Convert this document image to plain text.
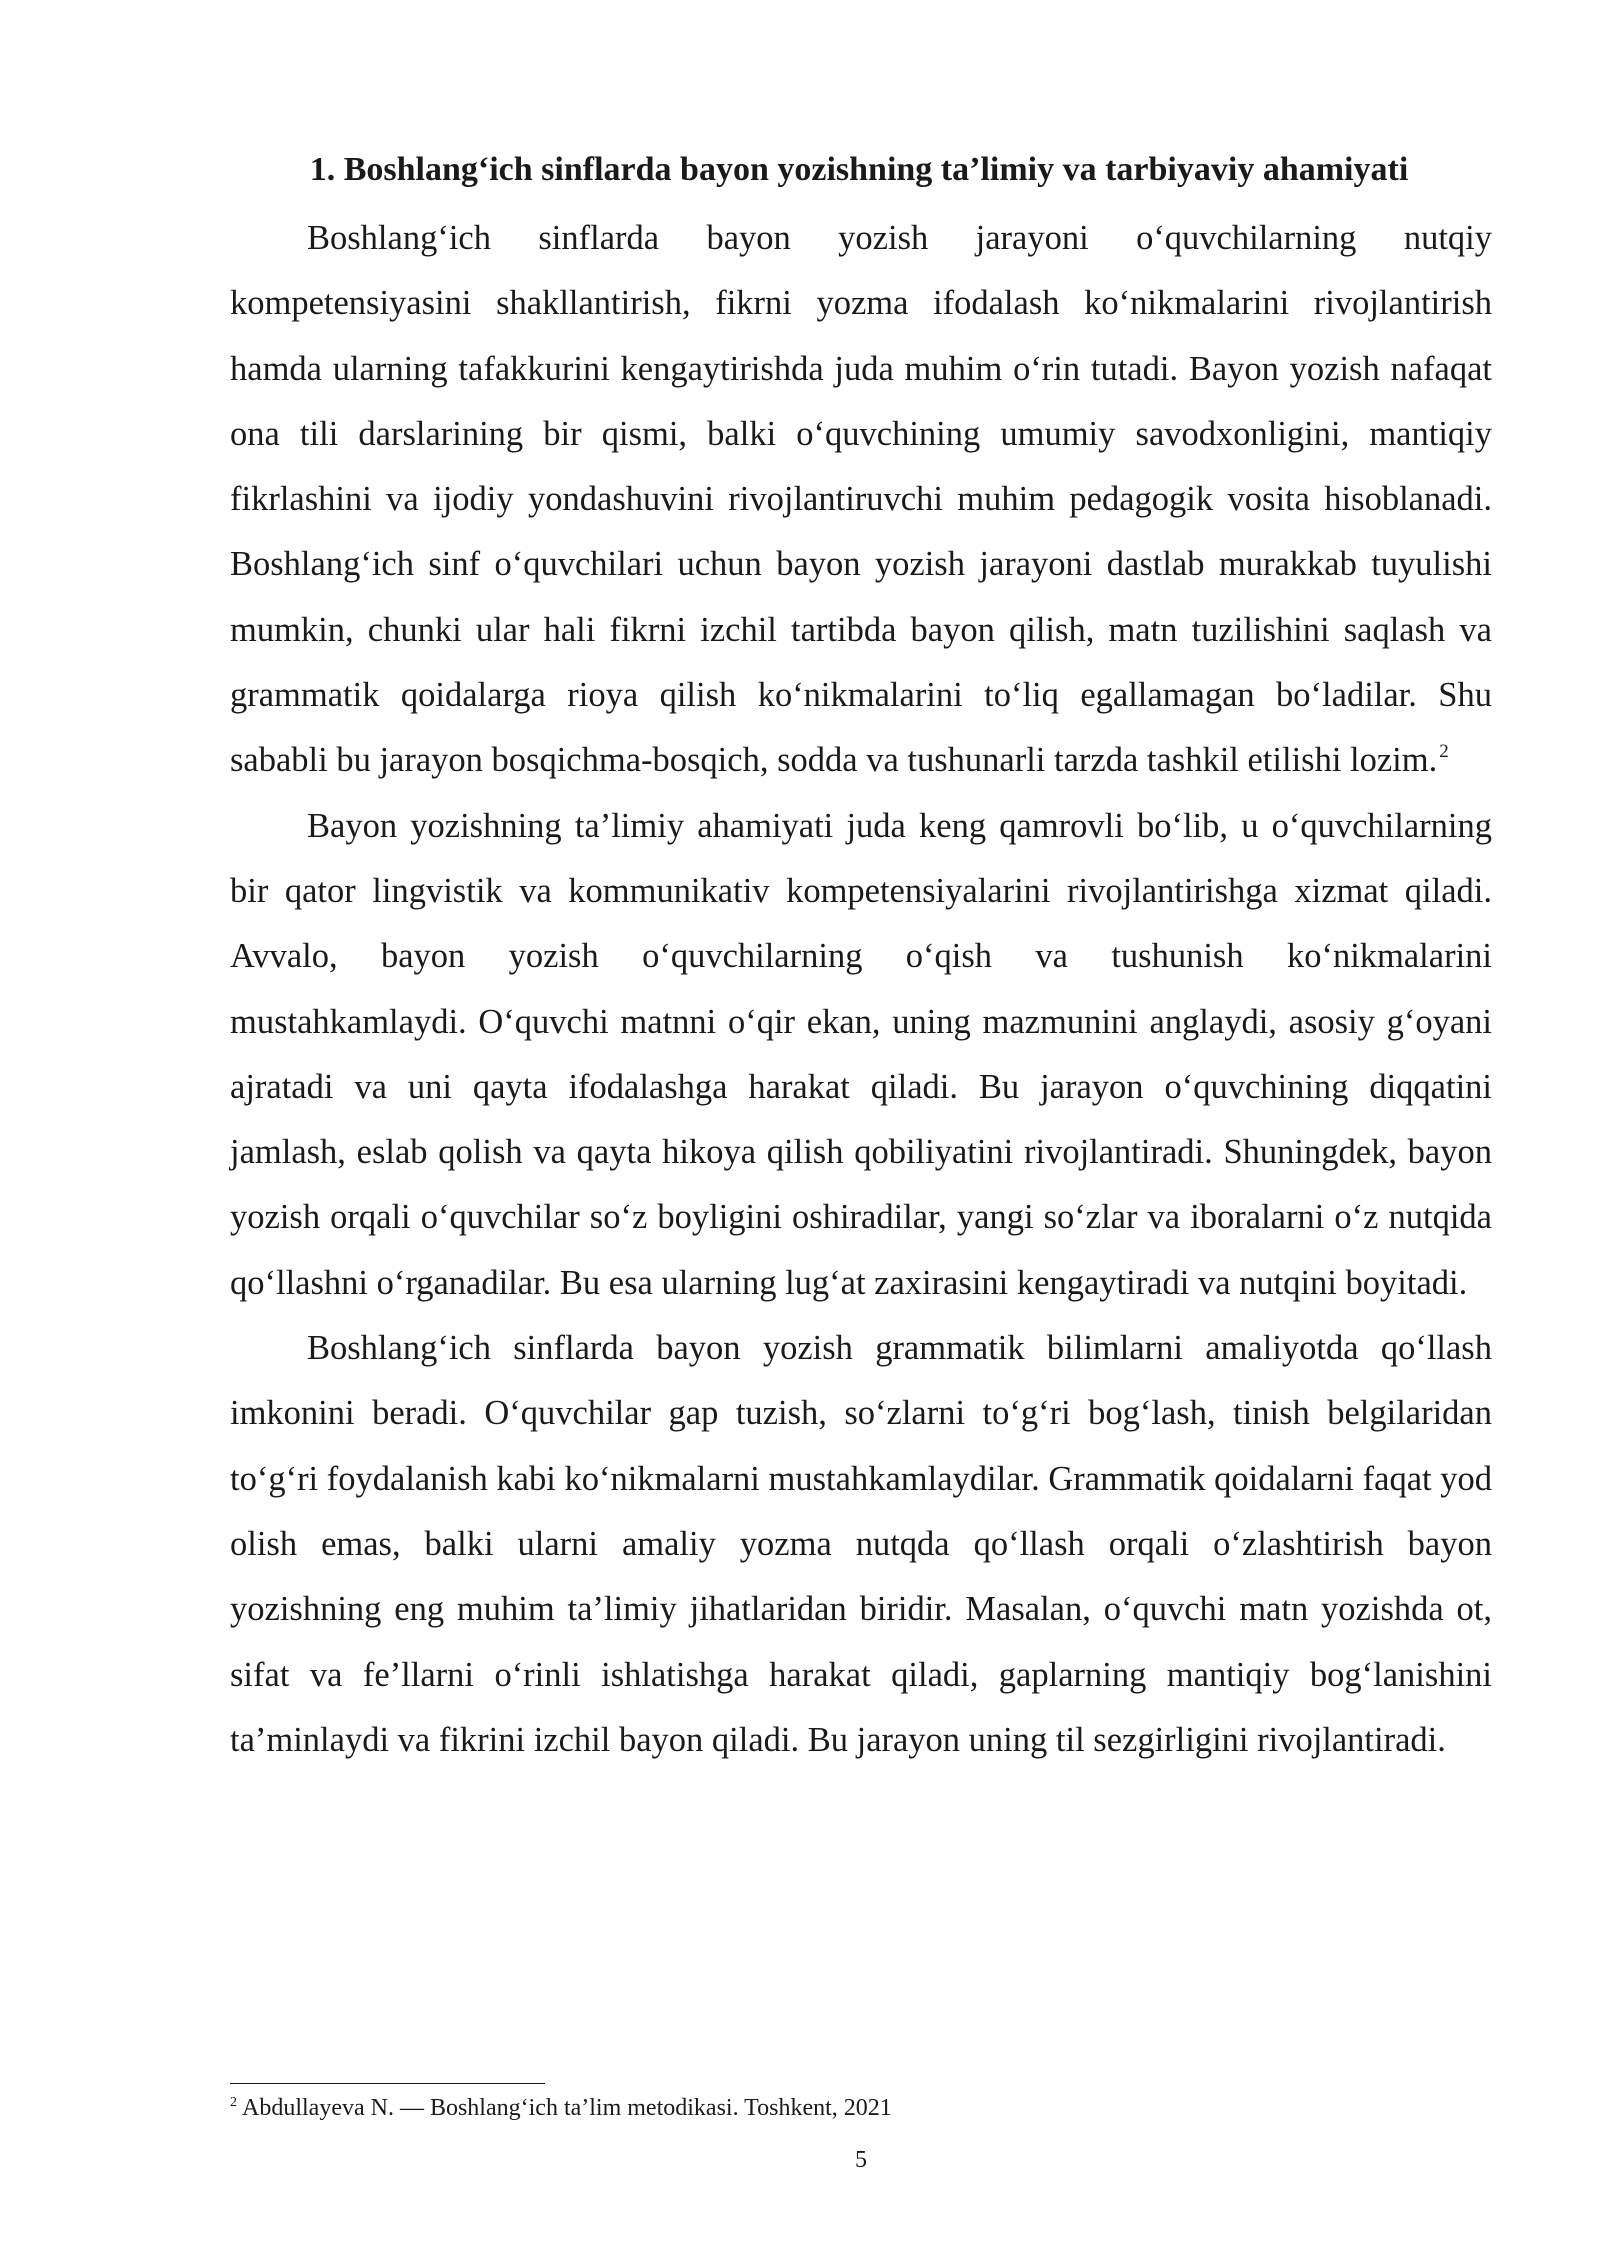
1. Boshlang‘ich sinflarda bayon yozishning ta’limiy va tarbiyaviy ahamiyati

Boshlang‘ich sinflarda bayon yozish jarayoni o‘quvchilarning nutqiy kompetensiyasini shakllantirish, fikrni yozma ifodalash ko‘nikmalarini rivojlantirish hamda ularning tafakkurini kengaytirishda juda muhim o‘rin tutadi. Bayon yozish nafaqat ona tili darslarining bir qismi, balki o‘quvchining umumiy savodxonligini, mantiqiy fikrlashini va ijodiy yondashuvini rivojlantiruvchi muhim pedagogik vosita hisoblanadi. Boshlang‘ich sinf o‘quvchilari uchun bayon yozish jarayoni dastlab murakkab tuyulishi mumkin, chunki ular hali fikrni izchil tartibda bayon qilish, matn tuzilishini saqlash va grammatik qoidalarga rioya qilish ko‘nikmalarini to‘liq egallamagan bo‘ladilar. Shu sababli bu jarayon bosqichma-bosqich, sodda va tushunarli tarzda tashkil etilishi lozim. $^2$

Bayon yozishning ta’limiy ahamiyati juda keng qamrovli bo‘lib, u o‘quvchilarning bir qator lingvistik va kommunikativ kompetensiyalarini rivojlantirishga xizmat qiladi. Avvalo, bayon yozish o‘quvchilarning o‘qish va tushunish ko‘nikmalarini mustahkamlaydi. O‘quvchi matnni o‘qir ekan, uning mazmunini anglaydi, asosiy g‘oyani ajratadi va uni qayta ifodalashga harakat qiladi. Bu jarayon o‘quvchining diqqatini jamlash, eslab qolish va qayta hikoya qilish qobiliyatini rivojlantiradi. Shuningdek, bayon yozish orqali o‘quvchilar so‘z boyligini oshiradilar, yangi so‘zlar va iboralarni o‘z nutqida qo‘llashni o‘rganadilar. Bu esa ularning lug‘at zaxirasini kengaytiradi va nutqini boyitadi.

Boshlang‘ich sinflarda bayon yozish grammatik bilimlarni amaliyotda qo‘llash imkonini beradi. O‘quvchilar gap tuzish, so‘zlarni to‘g‘ri bog‘lash, tinish belgilaridan to‘g‘ri foydalanish kabi ko‘nikmalarni mustahkamlaydilar. Grammatik qoidalarni faqat yod olish emas, balki ularni amaliy yozma nutqda qo‘llash orqali o‘zlashtirish bayon yozishning eng muhim ta’limiy jihatlaridan biridir. Masalan, o‘quvchi matn yozishda ot, sifat va fe’llarni o‘rinli ishlatishga harakat qiladi, gaplarning mantiqiy bog‘lanishini ta’minlaydi va fikrini izchil bayon qiladi. Bu jarayon uning til sezgirligini rivojlantiradi.

$^2$ Abdullayeva N. — Boshlang‘ich ta’lim metodikasi. Toshkent, 2021

5
